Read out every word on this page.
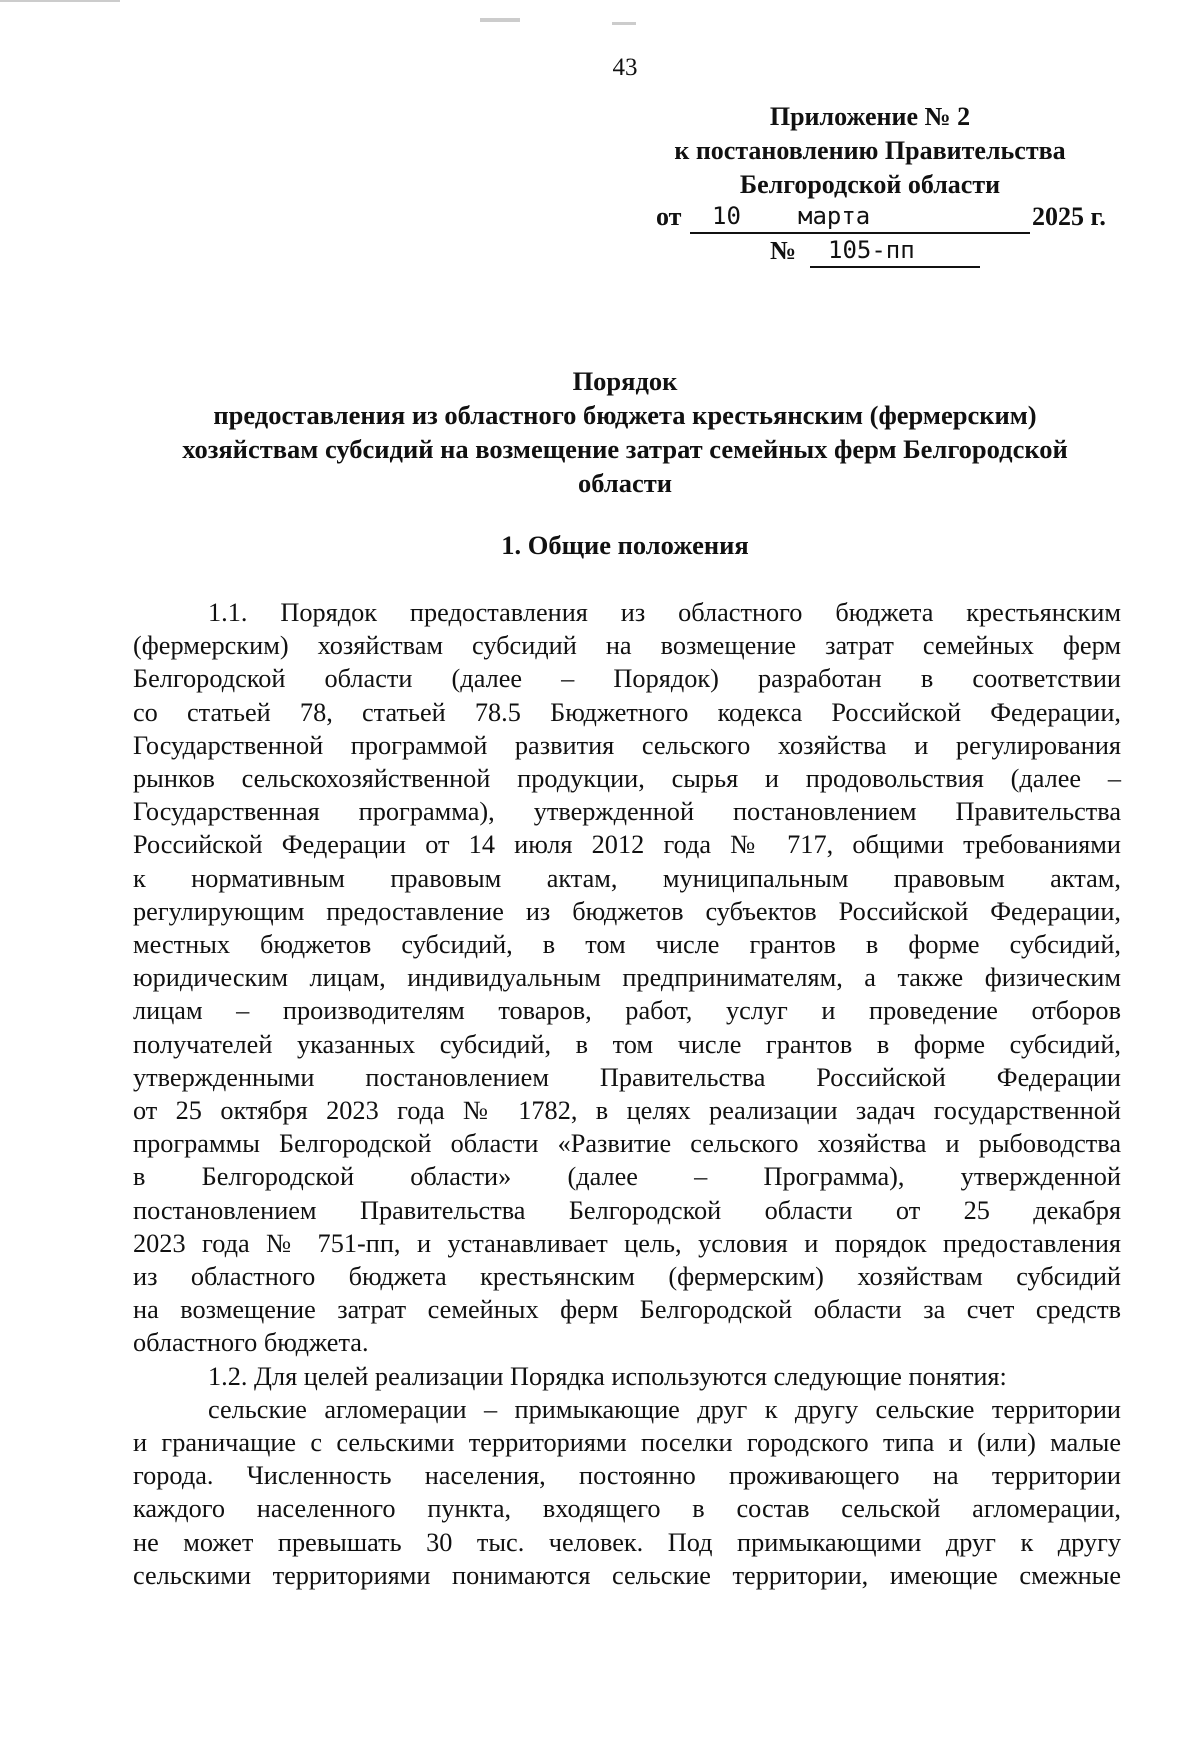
43
Приложение № 2
к постановлению Правительства
Белгородской области
от 10 марта	2025 г.
№ 105-пп
Порядок
предоставления из областного бюджета крестьянским (фермерским)
хозяйствам субсидий на возмещение затрат семейных ферм Белгородской
области
1. Общие положения

1.1. Порядок предоставления из областного бюджета крестьянским
(фермерским) хозяйствам субсидий на возмещение затрат семейных ферм
Белгородской области (далее – Порядок) разработан в соответствии
со статьей 78, статьей 78.5 Бюджетного кодекса Российской Федерации,
Государственной программой развития сельского хозяйства и регулирования
рынков сельскохозяйственной продукции, сырья и продовольствия (далее –
Государственная программа), утвержденной постановлением Правительства
Российской Федерации от 14 июля 2012 года № 717, общими требованиями
к нормативным правовым актам, муниципальным правовым актам,
регулирующим предоставление из бюджетов субъектов Российской Федерации,
местных бюджетов субсидий, в том числе грантов в форме субсидий,
юридическим лицам, индивидуальным предпринимателям, а также физическим
лицам – производителям товаров, работ, услуг и проведение отборов
получателей указанных субсидий, в том числе грантов в форме субсидий,
утвержденными постановлением Правительства Российской Федерации
от 25 октября 2023 года № 1782, в целях реализации задач государственной
программы Белгородской области «Развитие сельского хозяйства и рыбоводства
в Белгородской области» (далее – Программа), утвержденной
постановлением Правительства Белгородской области от 25 декабря
2023 года № 751-пп, и устанавливает цель, условия и порядок предоставления
из областного бюджета крестьянским (фермерским) хозяйствам субсидий
на возмещение затрат семейных ферм Белгородской области за счет средств
областного бюджета.

1.2. Для целей реализации Порядка используются следующие понятия:

сельские агломерации – примыкающие друг к другу сельские территории
и граничащие с сельскими территориями поселки городского типа и (или) малые
города. Численность населения, постоянно проживающего на территории
каждого населенного пункта, входящего в состав сельской агломерации,
не может превышать 30 тыс. человек. Под примыкающими друг к другу
сельскими территориями понимаются сельские территории, имеющие смежные
